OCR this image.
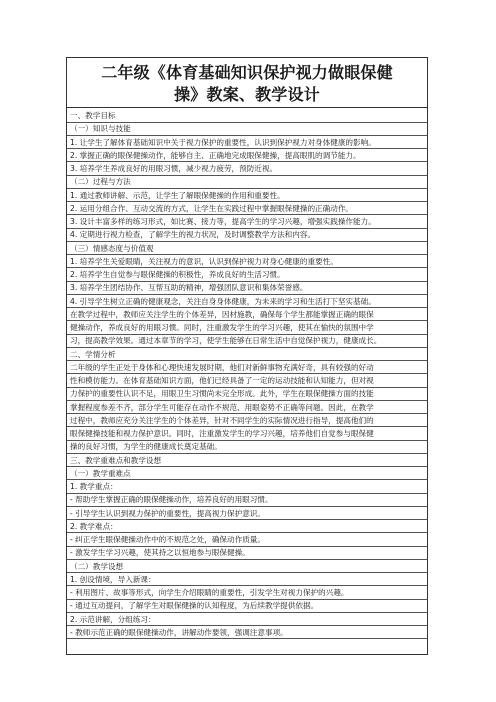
二年级《体育基础知识保护视力做眼保健
操》教案、教学设计
一、教学目标
（一）知识与技能
1. 让学生了解体育基础知识中关于视力保护的重要性，认识到保护视力对身体健康的影响。
2. 掌握正确的眼保健操动作，能够自主、正确地完成眼保健操，提高眼肌的调节能力。
3. 培养学生养成良好的用眼习惯，减少视力疲劳，预防近视。
（二）过程与方法
1. 通过教师讲解、示范，让学生了解眼保健操的作用和重要性。
2. 运用分组合作、互动交流的方式，让学生在实践过程中掌握眼保健操的正确动作。
3. 设计丰富多样的练习形式，如比赛、接力等，提高学生的学习兴趣，增强实践操作能力。
4. 定期进行视力检查，了解学生的视力状况，及时调整教学方法和内容。
（三）情感态度与价值观
1. 培养学生关爱眼睛，关注视力的意识，认识到保护视力对身心健康的重要性。
2. 培养学生自觉参与眼保健操的积极性，养成良好的生活习惯。
3. 培养学生团结协作、互帮互助的精神，增强团队意识和集体荣誉感。
4. 引导学生树立正确的健康观念，关注自身身体健康，为未来的学习和生活打下坚实基础。
在教学过程中，教师应关注学生的个体差异，因材施教，确保每个学生都能掌握正确的眼保
健操动作，养成良好的用眼习惯。同时，注重激发学生的学习兴趣，使其在愉快的氛围中学
习，提高教学效果。通过本章节的学习，使学生能够在日常生活中自觉保护视力，健康成长。
二、学情分析
二年级的学生正处于身体和心理快速发展时期，他们对新鲜事物充满好奇，具有较强的好动
性和模仿能力。在体育基础知识方面，他们已经具备了一定的运动技能和认知能力，但对视
力保护的重要性认识不足，用眼卫生习惯尚未完全形成。此外，学生在眼保健操方面的技能
掌握程度参差不齐，部分学生可能存在动作不规范、用眼姿势不正确等问题。因此，在教学
过程中，教师应充分关注学生的个体差异，针对不同学生的实际情况进行指导，提高他们的
眼保健操技能和视力保护意识。同时，注重激发学生的学习兴趣，培养他们自觉参与眼保健
操的良好习惯，为学生的健康成长奠定基础。
三、教学重难点和教学设想
（一）教学重难点
1. 教学重点：
- 帮助学生掌握正确的眼保健操动作，培养良好的用眼习惯。
- 引导学生认识到视力保护的重要性，提高视力保护意识。
2. 教学难点：
- 纠正学生眼保健操动作中的不规范之处，确保动作质量。
- 激发学生学习兴趣，使其持之以恒地参与眼保健操。
（二）教学设想
1. 创设情境，导入新课：
- 利用图片、故事等形式，向学生介绍眼睛的重要性，引发学生对视力保护的兴趣。
- 通过互动提问，了解学生对眼保健操的认知程度，为后续教学提供依据。
2. 示范讲解，分组练习：
- 教师示范正确的眼保健操动作，讲解动作要领，强调注意事项。
